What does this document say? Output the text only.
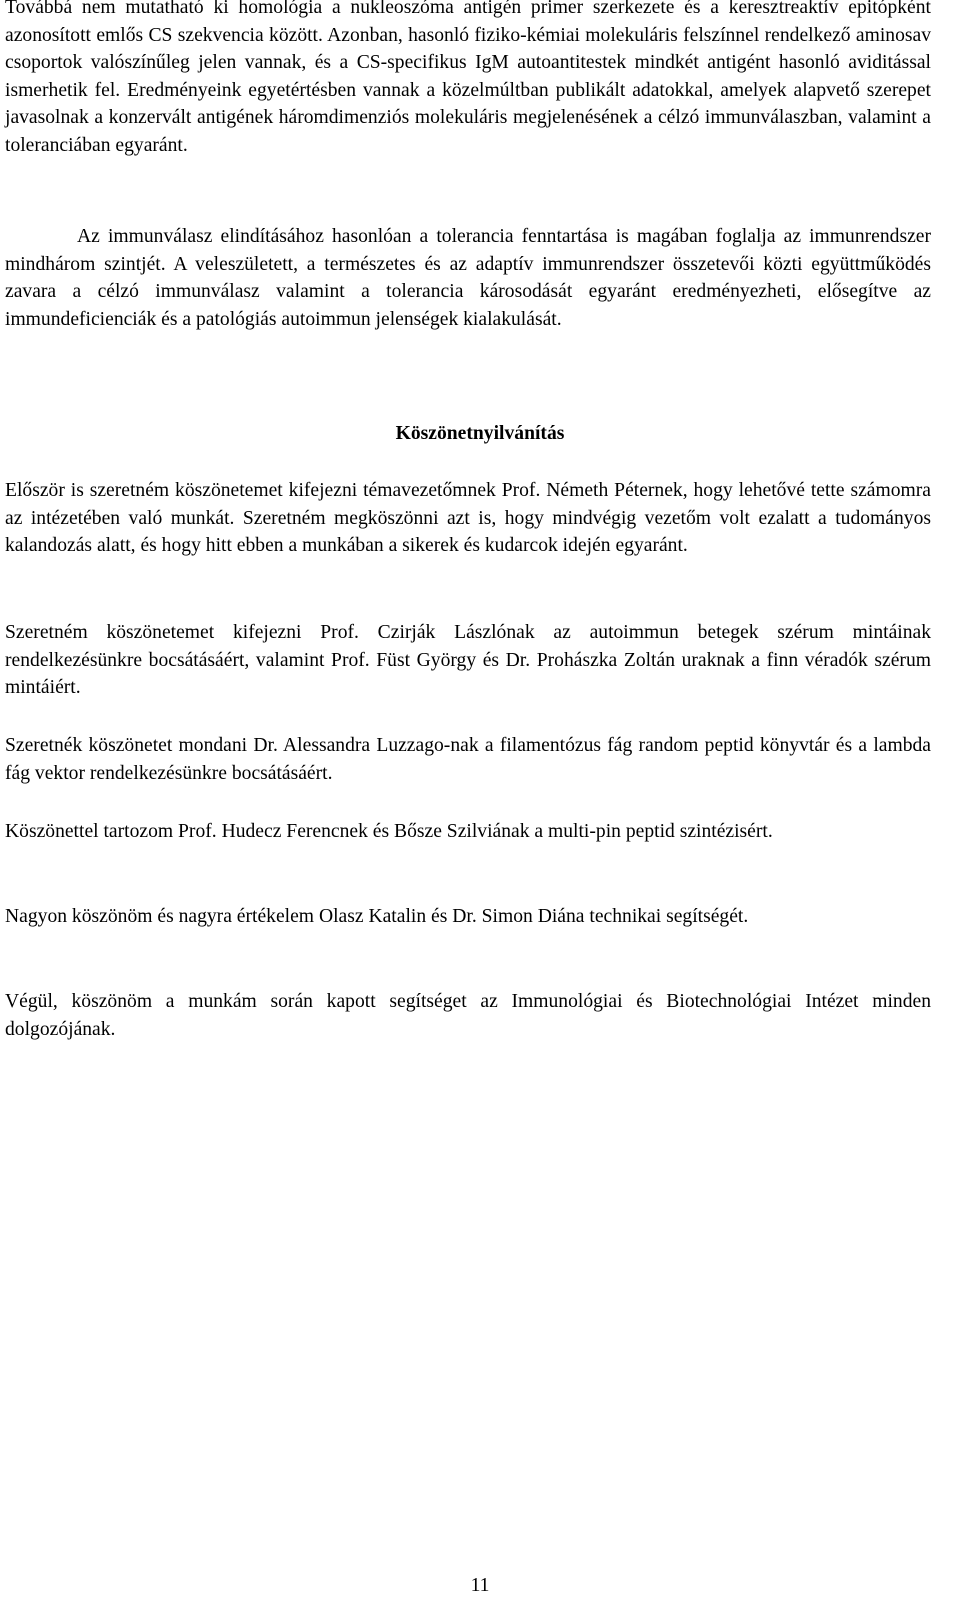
Továbbá nem mutatható ki homológia a nukleoszóma antigén primer szerkezete és a keresztreaktív epitópként azonosított emlős CS szekvencia között. Azonban, hasonló fiziko-kémiai molekuláris felszínnel rendelkező aminosav csoportok valószínűleg jelen vannak, és a CS-specifikus IgM autoantitestek mindkét antigént hasonló aviditással ismerhetik fel. Eredményeink egyetértésben vannak a közelmúltban publikált adatokkal, amelyek alapvető szerepet javasolnak a konzervált antigének háromdimenziós molekuláris megjelenésének a célzó immunválaszban, valamint a toleranciában egyaránt.

Az immunválasz elindításához hasonlóan a tolerancia fenntartása is magában foglalja az immunrendszer mindhárom szintjét. A veleszületett, a természetes és az adaptív immunrendszer összetevői közti együttműködés zavara a célzó immunválasz valamint a tolerancia károsodását egyaránt eredményezheti, elősegítve az immundeficienciák és a patológiás autoimmun jelenségek kialakulását.

Köszönetnyilvánítás

Először is szeretném köszönetemet kifejezni témavezetőmnek Prof. Németh Péternek, hogy lehetővé tette számomra az intézetében való munkát. Szeretném megköszönni azt is, hogy mindvégig vezetőm volt ezalatt a tudományos kalandozás alatt, és hogy hitt ebben a munkában a sikerek és kudarcok idején egyaránt.

Szeretném köszönetemet kifejezni Prof. Czirják Lászlónak az autoimmun betegek szérum mintáinak rendelkezésünkre bocsátásáért, valamint Prof. Füst György és Dr. Prohászka Zoltán uraknak a finn véradók szérum mintáiért.

Szeretnék köszönetet mondani Dr. Alessandra Luzzago-nak a filamentózus fág random peptid könyvtár és a lambda fág vektor rendelkezésünkre bocsátásáért.

Köszönettel tartozom Prof. Hudecz Ferencnek és Bősze Szilviának a multi-pin peptid szintézisért.

Nagyon köszönöm és nagyra értékelem Olasz Katalin és Dr. Simon Diána technikai segítségét.

Végül, köszönöm a munkám során kapott segítséget az Immunológiai és Biotechnológiai Intézet minden dolgozójának.

11
